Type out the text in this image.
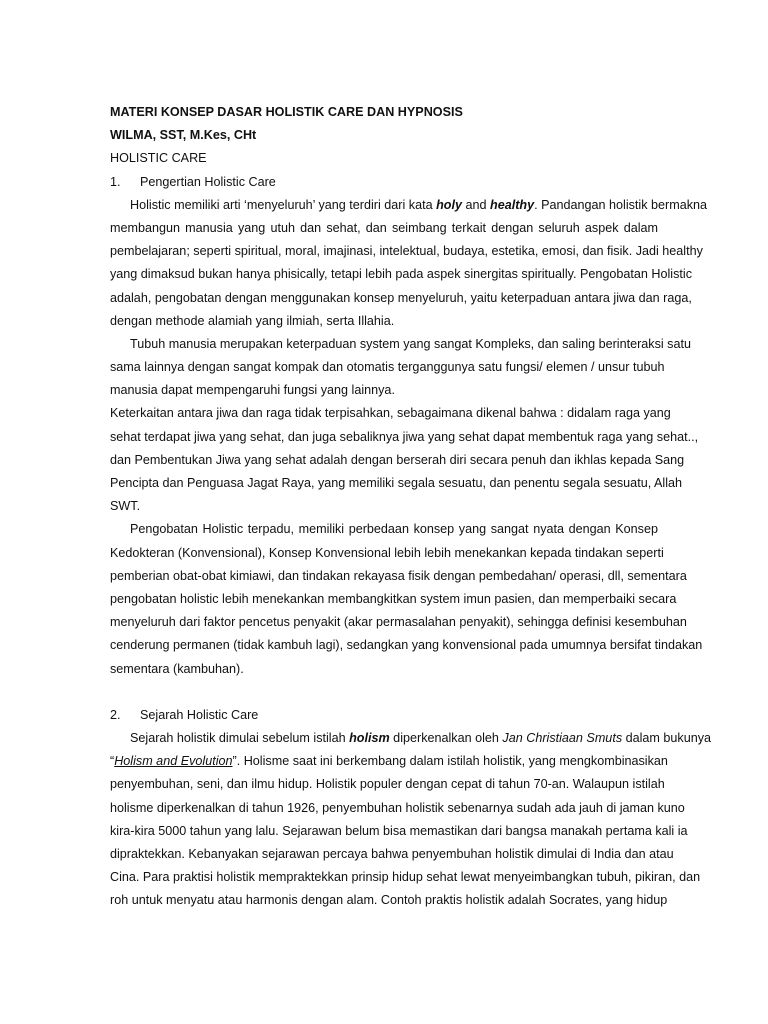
MATERI KONSEP DASAR HOLISTIK CARE DAN HYPNOSIS
WILMA, SST, M.Kes, CHt
HOLISTIC CARE
1. Pengertian Holistic Care
Holistic memiliki arti ‘menyeluruh’ yang terdiri dari kata holy and healthy. Pandangan holistik bermakna
membangun manusia yang utuh dan sehat, dan seimbang terkait dengan seluruh aspek dalam
pembelajaran; seperti spiritual, moral, imajinasi, intelektual, budaya, estetika, emosi, dan fisik. Jadi healthy
yang dimaksud bukan hanya phisically, tetapi lebih pada aspek sinergitas spiritually. Pengobatan Holistic
adalah, pengobatan dengan menggunakan konsep menyeluruh, yaitu keterpaduan antara jiwa dan raga,
dengan methode alamiah yang ilmiah, serta Illahia.
Tubuh manusia merupakan keterpaduan system yang sangat Kompleks, dan saling berinteraksi satu
sama lainnya dengan sangat kompak dan otomatis terganggunya satu fungsi/ elemen / unsur tubuh
manusia dapat mempengaruhi fungsi yang lainnya.
Keterkaitan antara jiwa dan raga tidak terpisahkan, sebagaimana dikenal bahwa : didalam raga yang
sehat terdapat jiwa yang sehat, dan juga sebaliknya jiwa yang sehat dapat membentuk raga yang sehat..,
dan Pembentukan Jiwa yang sehat adalah dengan berserah diri secara penuh dan ikhlas kepada Sang
Pencipta dan Penguasa Jagat Raya, yang memiliki segala sesuatu, dan penentu segala sesuatu, Allah
SWT.
Pengobatan Holistic terpadu, memiliki perbedaan konsep yang sangat nyata dengan Konsep
Kedokteran (Konvensional), Konsep Konvensional lebih lebih menekankan kepada tindakan seperti
pemberian obat-obat kimiawi, dan tindakan rekayasa fisik dengan pembedahan/ operasi, dll, sementara
pengobatan holistic lebih menekankan membangkitkan system imun pasien, dan memperbaiki secara
menyeluruh dari faktor pencetus penyakit (akar permasalahan penyakit), sehingga definisi kesembuhan
cenderung permanen (tidak kambuh lagi), sedangkan yang konvensional pada umumnya bersifat tindakan
sementara (kambuhan).
2. Sejarah Holistic Care
Sejarah holistik dimulai sebelum istilah holism diperkenalkan oleh Jan Christiaan Smuts dalam bukunya
“Holism and Evolution”. Holisme saat ini berkembang dalam istilah holistik, yang mengkombinasikan
penyembuhan, seni, dan ilmu hidup. Holistik populer dengan cepat di tahun 70-an. Walaupun istilah
holisme diperkenalkan di tahun 1926, penyembuhan holistik sebenarnya sudah ada jauh di jaman kuno
kira-kira 5000 tahun yang lalu. Sejarawan belum bisa memastikan dari bangsa manakah pertama kali ia
dipraktekkan. Kebanyakan sejarawan percaya bahwa penyembuhan holistik dimulai di India dan atau
Cina. Para praktisi holistik mempraktekkan prinsip hidup sehat lewat menyeimbangkan tubuh, pikiran, dan
roh untuk menyatu atau harmonis dengan alam. Contoh praktis holistik adalah Socrates, yang hidup
